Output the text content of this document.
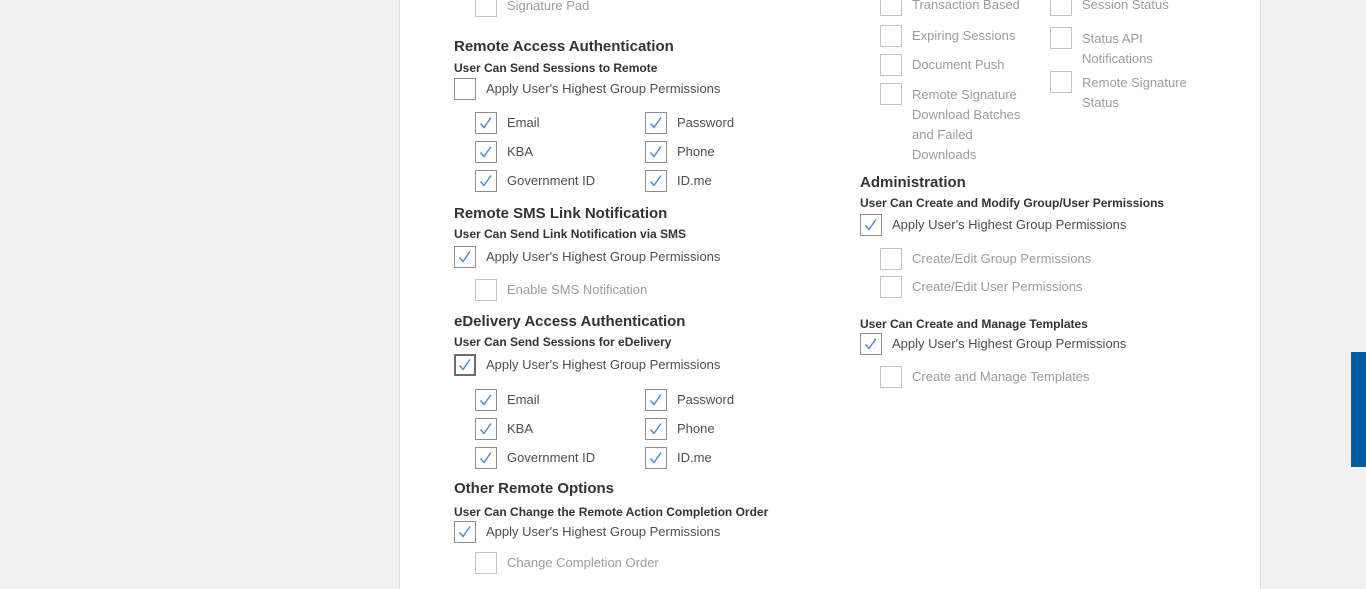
Signature Pad
Remote Access Authentication
User Can Send Sessions to Remote
Apply User's Highest Group Permissions
Email	Password
KBA	Phone
Government ID	ID.me
Remote SMS Link Notification
User Can Send Link Notification via SMS
Apply User's Highest Group Permissions
Enable SMS Notification
eDelivery Access Authentication
User Can Send Sessions for eDelivery
Apply User's Highest Group Permissions
Email	Password
KBA	Phone
Government ID	ID.me
Other Remote Options
User Can Change the Remote Action Completion Order
Apply User's Highest Group Permissions
Change Completion Order
Transaction Based	Session Status
Expiring Sessions	Status API Notifications
Document Push
Remote Signature Status
Remote Signature Download Batches and Failed Downloads
Administration
User Can Create and Modify Group/User Permissions
Apply User's Highest Group Permissions
Create/Edit Group Permissions
Create/Edit User Permissions
User Can Create and Manage Templates
Apply User's Highest Group Permissions
Create and Manage Templates
